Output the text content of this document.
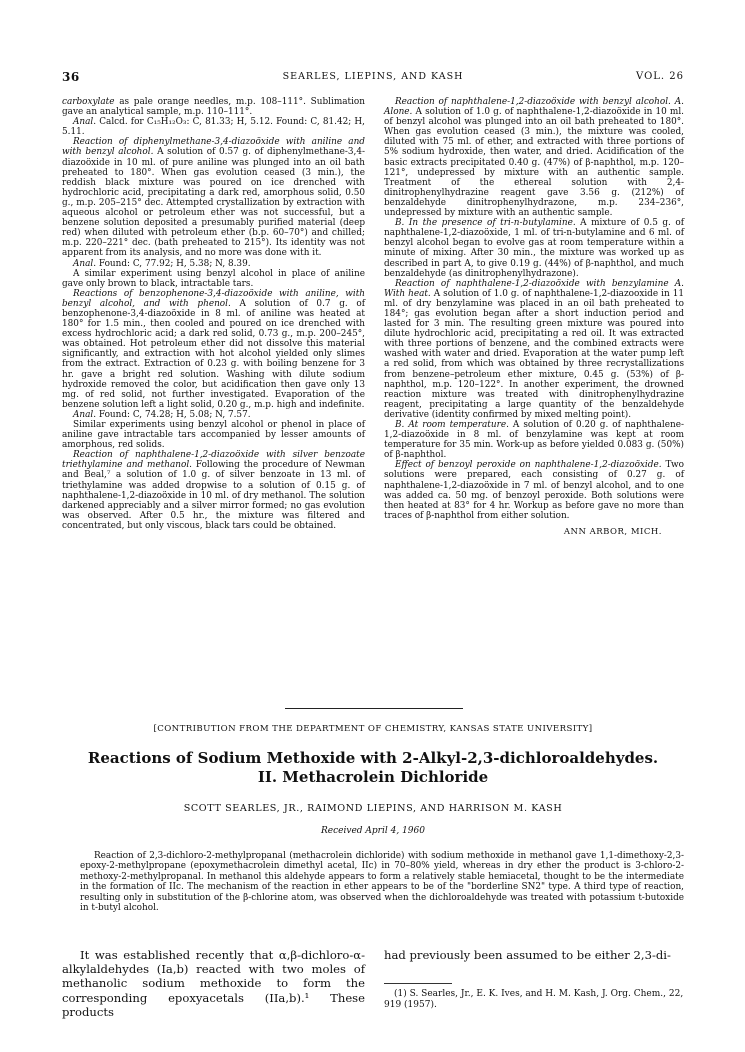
36	SEARLES, LIEPINS, AND KASH	VOL. 26

carboxylate as pale orange needles, m.p. 108–111°. Sublimation gave an analytical sample, m.p. 110–111°.

Anal. Calcd. for C₁₅H₁₂O₃: C, 81.33; H, 5.12. Found: C, 81.42; H, 5.11.

Reaction of diphenylmethane-3,4-diazoöxide with aniline and with benzyl alcohol. A solution of 0.57 g. of diphenylmethane-3,4-diazoöxide in 10 ml. of pure aniline was plunged into an oil bath preheated to 180°. When gas evolution ceased (3 min.), the reddish black mixture was poured on ice drenched with hydrochloric acid, precipitating a dark red, amorphous solid, 0.50 g., m.p. 205–215° dec. Attempted crystallization by extraction with aqueous alcohol or petroleum ether was not successful, but a benzene solution deposited a presumably purified material (deep red) when diluted with petroleum ether (b.p. 60–70°) and chilled; m.p. 220–221° dec. (bath preheated to 215°). Its identity was not apparent from its analysis, and no more was done with it.

Anal. Found: C, 77.92; H, 5.38; N, 8.39.

A similar experiment using benzyl alcohol in place of aniline gave only brown to black, intractable tars.

Reactions of benzophenone-3,4-diazoöxide with aniline, with benzyl alcohol, and with phenol. A solution of 0.7 g. of benzophenone-3,4-diazoöxide in 8 ml. of aniline was heated at 180° for 1.5 min., then cooled and poured on ice drenched with excess hydrochloric acid; a dark red solid, 0.73 g., m.p. 200–245°, was obtained. Hot petroleum ether did not dissolve this material significantly, and extraction with hot alcohol yielded only slimes from the extract. Extraction of 0.23 g. with boiling benzene for 3 hr. gave a bright red solution. Washing with dilute sodium hydroxide removed the color, but acidification then gave only 13 mg. of red solid, not further investigated. Evaporation of the benzene solution left a light solid, 0.20 g., m.p. high and indefinite.

Anal. Found: C, 74.28; H, 5.08; N, 7.57.

Similar experiments using benzyl alcohol or phenol in place of aniline gave intractable tars accompanied by lesser amounts of amorphous, red solids.

Reaction of naphthalene-1,2-diazoöxide with silver benzoate triethylamine and methanol. Following the procedure of Newman and Beal,⁷ a solution of 1.0 g. of silver benzoate in 13 ml. of triethylamine was added dropwise to a solution of 0.15 g. of naphthalene-1,2-diazoöxide in 10 ml. of dry methanol. The solution darkened appreciably and a silver mirror formed; no gas evolution was observed. After 0.5 hr., the mixture was filtered and concentrated, but only viscous, black tars could be obtained.

Reaction of naphthalene-1,2-diazoöxide with benzyl alcohol. A. Alone. A solution of 1.0 g. of naphthalene-1,2-diazoöxide in 10 ml. of benzyl alcohol was plunged into an oil bath preheated to 180°. When gas evolution ceased (3 min.), the mixture was cooled, diluted with 75 ml. of ether, and extracted with three portions of 5% sodium hydroxide, then water, and dried. Acidification of the basic extracts precipitated 0.40 g. (47%) of β-naphthol, m.p. 120–121°, undepressed by mixture with an authentic sample. Treatment of the ethereal solution with 2,4-dinitrophenylhydrazine reagent gave 3.56 g. (212%) of benzaldehyde dinitrophenylhydrazone, m.p. 234–236°, undepressed by mixture with an authentic sample.

B. In the presence of tri-n-butylamine. A mixture of 0.5 g. of naphthalene-1,2-diazoöxide, 1 ml. of tri-n-butylamine and 6 ml. of benzyl alcohol began to evolve gas at room temperature within a minute of mixing. After 30 min., the mixture was worked up as described in part A, to give 0.19 g. (44%) of β-naphthol, and much benzaldehyde (as dinitrophenylhydrazone).

Reaction of naphthalene-1,2-diazoöxide with benzylamine A. With heat. A solution of 1.0 g. of naphthalene-1,2-diazooxide in 11 ml. of dry benzylamine was placed in an oil bath preheated to 184°; gas evolution began after a short induction period and lasted for 3 min. The resulting green mixture was poured into dilute hydrochloric acid, precipitating a red oil. It was extracted with three portions of benzene, and the combined extracts were washed with water and dried. Evaporation at the water pump left a red solid, from which was obtained by three recrystallizations from benzene–petroleum ether mixture, 0.45 g. (53%) of β-naphthol, m.p. 120–122°. In another experiment, the drowned reaction mixture was treated with dinitrophenylhydrazine reagent, precipitating a large quantity of the benzaldehyde derivative (identity confirmed by mixed melting point).

B. At room temperature. A solution of 0.20 g. of naphthalene-1,2-diazoöxide in 8 ml. of benzylamine was kept at room temperature for 35 min. Work-up as before yielded 0.083 g. (50%) of β-naphthol.

Effect of benzoyl peroxide on naphthalene-1,2-diazoöxide. Two solutions were prepared, each consisting of 0.27 g. of naphthalene-1,2-diazoöxide in 7 ml. of benzyl alcohol, and to one was added ca. 50 mg. of benzoyl peroxide. Both solutions were then heated at 83° for 4 hr. Workup as before gave no more than traces of β-naphthol from either solution.

ANN ARBOR, MICH.

[CONTRIBUTION FROM THE DEPARTMENT OF CHEMISTRY, KANSAS STATE UNIVERSITY]
Reactions of Sodium Methoxide with 2-Alkyl-2,3-dichloroaldehydes.
II. Methacrolein Dichloride
SCOTT SEARLES, JR., RAIMOND LIEPINS, AND HARRISON M. KASH
Received April 4, 1960

Reaction of 2,3-dichloro-2-methylpropanal (methacrolein dichloride) with sodium methoxide in methanol gave 1,1-dimethoxy-2,3-epoxy-2-methylpropane (epoxymethacrolein dimethyl acetal, IIc) in 70–80% yield, whereas in dry ether the product is 3-chloro-2-methoxy-2-methylpropanal. In methanol this aldehyde appears to form a relatively stable hemiacetal, thought to be the intermediate in the formation of IIc. The mechanism of the reaction in ether appears to be of the "borderline SN2" type. A third type of reaction, resulting only in substitution of the β-chlorine atom, was observed when the dichloroaldehyde was treated with potassium t-butoxide in t-butyl alcohol.

It was established recently that α,β-dichloro-α-alkylaldehydes (Ia,b) reacted with two moles of methanolic sodium methoxide to form the corresponding epoxyacetals (IIa,b).¹ These products

had previously been assumed to be either 2,3-di-

(1) S. Searles, Jr., E. K. Ives, and H. M. Kash, J. Org. Chem., 22, 919 (1957).
